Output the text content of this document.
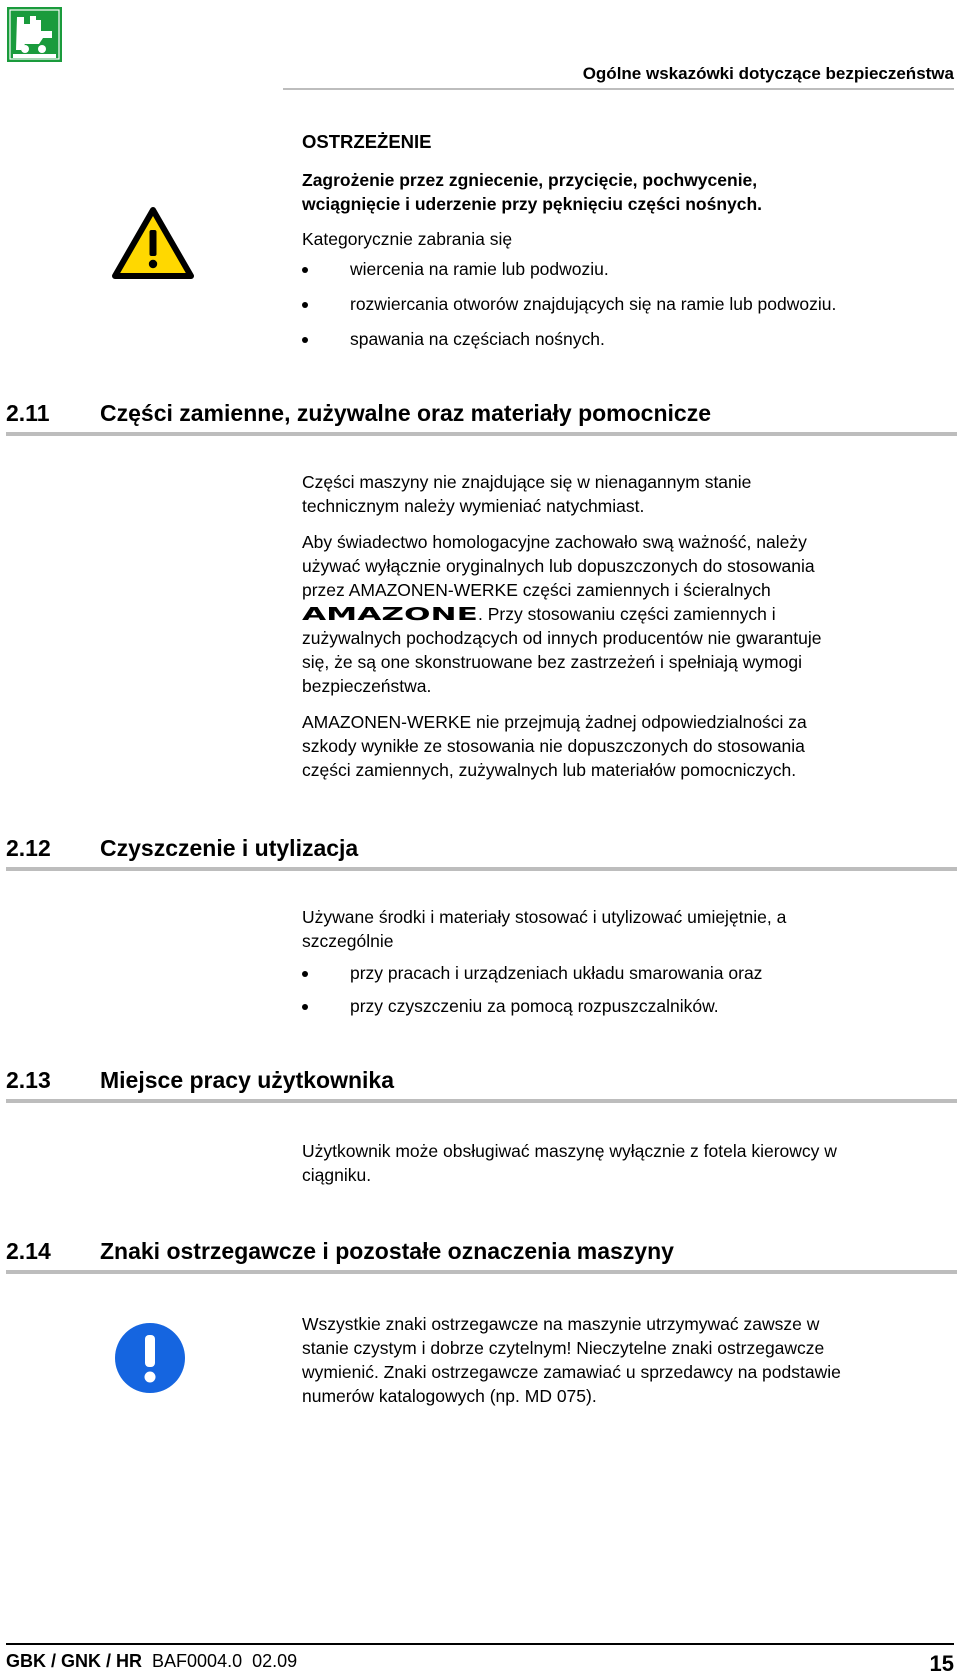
Ogólne wskazówki dotyczące bezpieczeństwa

OSTRZEŻENIE

Zagrożenie przez zgniecenie, przycięcie, pochwycenie,

wciągnięcie i uderzenie przy pęknięciu części nośnych.

Kategorycznie zabrania się

wiercenia na ramie lub podwoziu.
rozwiercania otworów znajdujących się na ramie lub podwoziu.
spawania na częściach nośnych.
2.11 Części zamienne, zużywalne oraz materiały pomocnicze

Części maszyny nie znajdujące się w nienagannym stanie

technicznym należy wymieniać natychmiast.

Aby świadectwo homologacyjne zachowało swą ważność, należy

używać wyłącznie oryginalnych lub dopuszczonych do stosowania

przez AMAZONEN-WERKE części zamiennych i ścieralnych

AMAZONE . Przy stosowaniu części zamiennych i

zużywalnych pochodzących od innych producentów nie gwarantuje

się, że są one skonstruowane bez zastrzeżeń i spełniają wymogi

bezpieczeństwa.

AMAZONEN-WERKE nie przejmują żadnej odpowiedzialności za

szkody wynikłe ze stosowania nie dopuszczonych do stosowania

części zamiennych, zużywalnych lub materiałów pomocniczych.

2.12 Czyszczenie i utylizacja

Używane środki i materiały stosować i utylizować umiejętnie, a

szczególnie

przy pracach i urządzeniach układu smarowania oraz
przy czyszczeniu za pomocą rozpuszczalników.
2.13 Miejsce pracy użytkownika

Użytkownik może obsługiwać maszynę wyłącznie z fotela kierowcy w

ciągniku.

2.14 Znaki ostrzegawcze i pozostałe oznaczenia maszyny

Wszystkie znaki ostrzegawcze na maszynie utrzymywać zawsze w

stanie czystym i dobrze czytelnym! Nieczytelne znaki ostrzegawcze

wymienić. Znaki ostrzegawcze zamawiać u sprzedawcy na podstawie

numerów katalogowych (np. MD 075).

GBK / GNK / HR BAF0004.0  02.09	15
